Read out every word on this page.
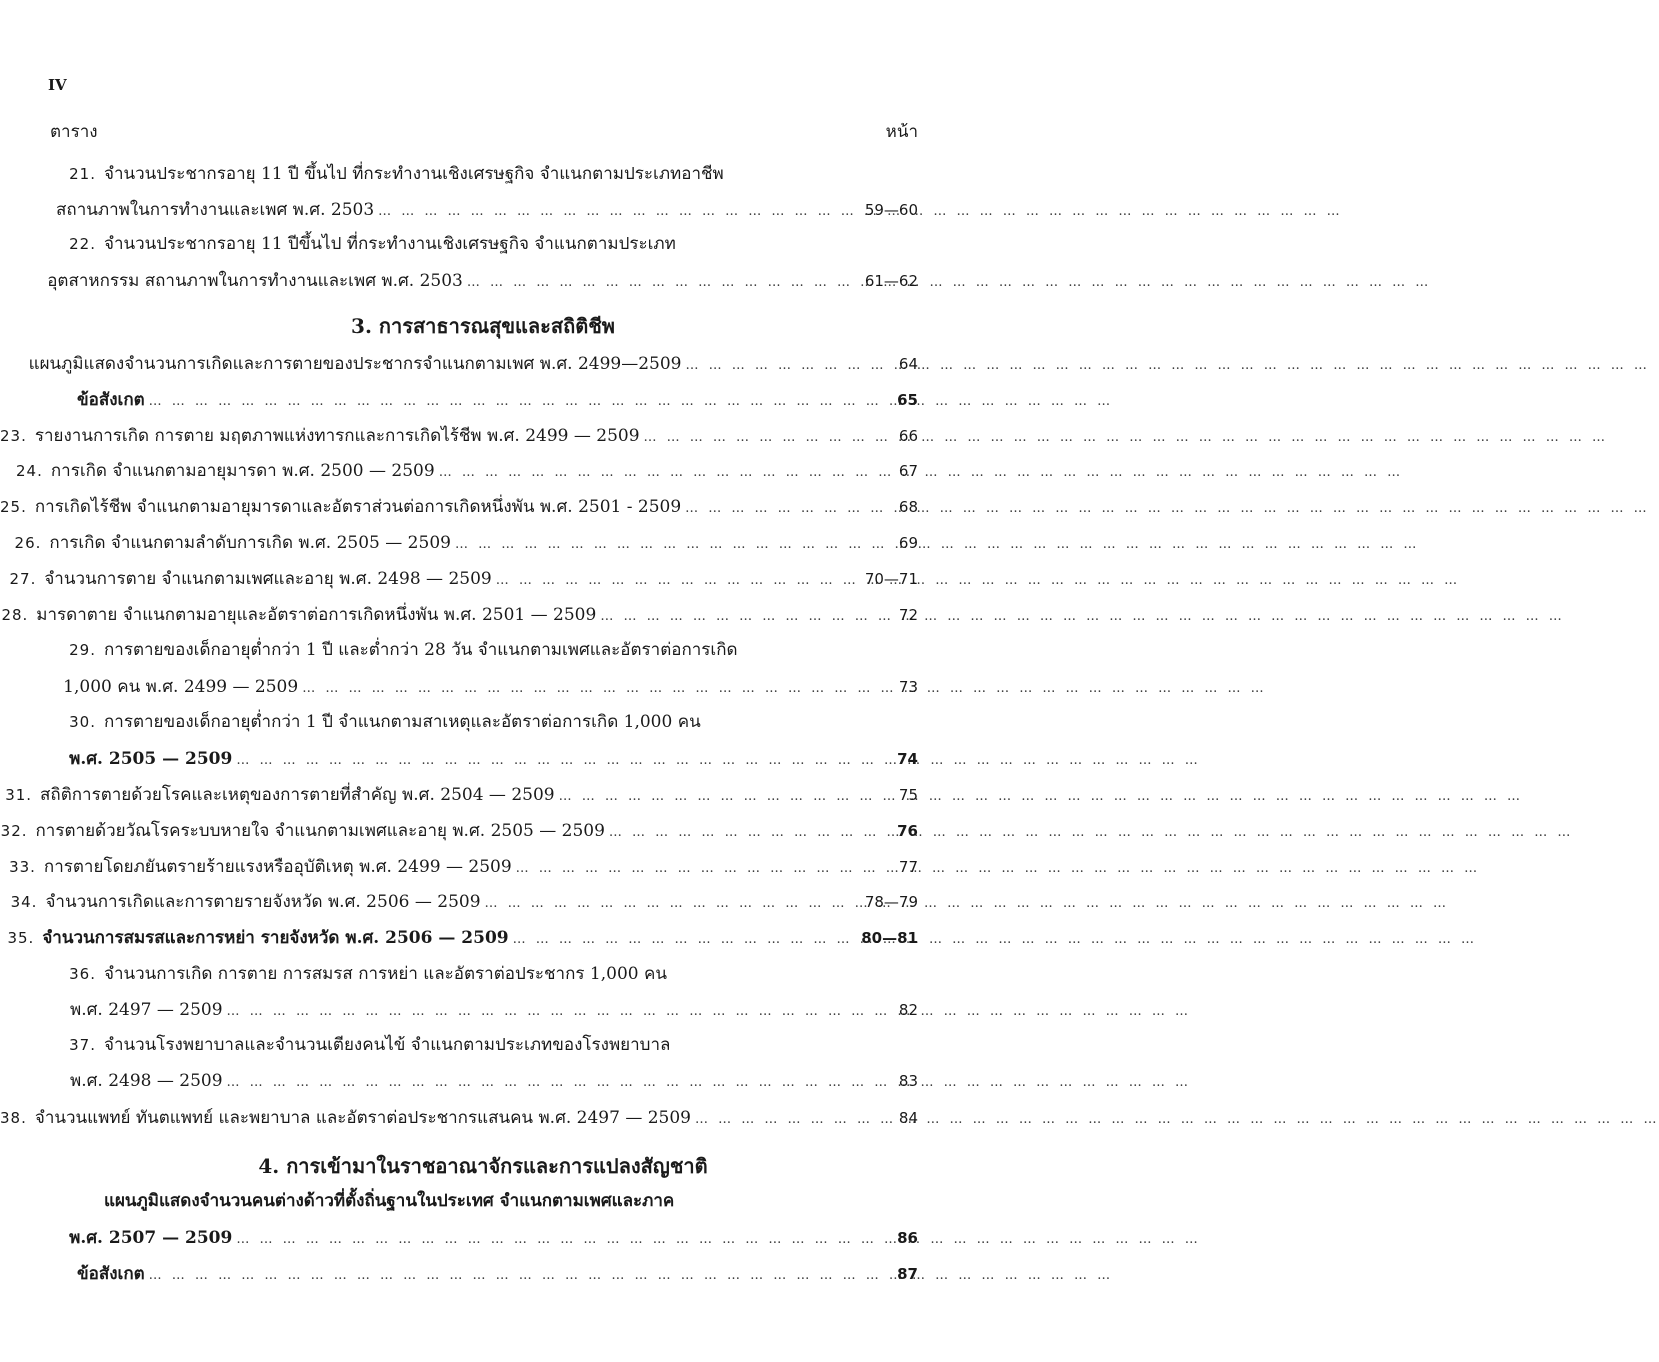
IV
ตาราง	หน้า
21. จำนวนประชากรอายุ 11 ปี ขึ้นไป ที่กระทำงานเชิงเศรษฐกิจ จำแนกตามประเภทอาชีพ
สถานภาพในการทำงานและเพศ พ.ศ. 2503 … … … … … … … … … … … … … … … … … … … … … … … … … … … … … … … … … … … … … … … … … …	59—60
22. จำนวนประชากรอายุ 11 ปีขึ้นไป ที่กระทำงานเชิงเศรษฐกิจ จำแนกตามประเภท
อุตสาหกรรม สถานภาพในการทำงานและเพศ พ.ศ. 2503 … … … … … … … … … … … … … … … … … … … … … … … … … … … … … … … … … … … … … … … … … …	61—62
3. การสาธารณสุขและสถิติชีพ
แผนภูมิแสดงจำนวนการเกิดและการตายของประชากรจำแนกตามเพศ พ.ศ. 2499—2509 … … … … … … … … … … … … … … … … … … … … … … … … … … … … … … … … … … … … … … … … … …	64
ข้อสังเกต … … … … … … … … … … … … … … … … … … … … … … … … … … … … … … … … … … … … … … … … … …	65
23. รายงานการเกิด การตาย มฤตภาพแห่งทารกและการเกิดไร้ชีพ พ.ศ. 2499 — 2509 … … … … … … … … … … … … … … … … … … … … … … … … … … … … … … … … … … … … … … … … … …	66
24. การเกิด จำแนกตามอายุมารดา พ.ศ. 2500 — 2509 … … … … … … … … … … … … … … … … … … … … … … … … … … … … … … … … … … … … … … … … … …	67
25. การเกิดไร้ชีพ จำแนกตามอายุมารดาและอัตราส่วนต่อการเกิดหนึ่งพัน พ.ศ. 2501 - 2509 … … … … … … … … … … … … … … … … … … … … … … … … … … … … … … … … … … … … … … … … … …	68
26. การเกิด จำแนกตามลำดับการเกิด พ.ศ. 2505 — 2509 … … … … … … … … … … … … … … … … … … … … … … … … … … … … … … … … … … … … … … … … … …	69
27. จำนวนการตาย จำแนกตามเพศและอายุ พ.ศ. 2498 — 2509 … … … … … … … … … … … … … … … … … … … … … … … … … … … … … … … … … … … … … … … … … …	70—71
28. มารดาตาย จำแนกตามอายุและอัตราต่อการเกิดหนึ่งพัน พ.ศ. 2501 — 2509 … … … … … … … … … … … … … … … … … … … … … … … … … … … … … … … … … … … … … … … … … …	72
29. การตายของเด็กอายุต่ำกว่า 1 ปี และต่ำกว่า 28 วัน จำแนกตามเพศและอัตราต่อการเกิด
1,000 คน พ.ศ. 2499 — 2509 … … … … … … … … … … … … … … … … … … … … … … … … … … … … … … … … … … … … … … … … … …	73
30. การตายของเด็กอายุต่ำกว่า 1 ปี จำแนกตามสาเหตุและอัตราต่อการเกิด 1,000 คน
พ.ศ. 2505 — 2509 … … … … … … … … … … … … … … … … … … … … … … … … … … … … … … … … … … … … … … … … … …	74
31. สถิติการตายด้วยโรคและเหตุของการตายที่สำคัญ พ.ศ. 2504 — 2509 … … … … … … … … … … … … … … … … … … … … … … … … … … … … … … … … … … … … … … … … … …	75
32. การตายด้วยวัณโรคระบบหายใจ จำแนกตามเพศและอายุ พ.ศ. 2505 — 2509 … … … … … … … … … … … … … … … … … … … … … … … … … … … … … … … … … … … … … … … … … …	76
33. การตายโดยภยันตรายร้ายแรงหรืออุบัติเหตุ พ.ศ. 2499 — 2509 … … … … … … … … … … … … … … … … … … … … … … … … … … … … … … … … … … … … … … … … … …	77
34. จำนวนการเกิดและการตายรายจังหวัด พ.ศ. 2506 — 2509 … … … … … … … … … … … … … … … … … … … … … … … … … … … … … … … … … … … … … … … … … …	78—79
35. จำนวนการสมรสและการหย่า รายจังหวัด พ.ศ. 2506 — 2509 … … … … … … … … … … … … … … … … … … … … … … … … … … … … … … … … … … … … … … … … … …	80—81
36. จำนวนการเกิด การตาย การสมรส การหย่า และอัตราต่อประชากร 1,000 คน
พ.ศ. 2497 — 2509 … … … … … … … … … … … … … … … … … … … … … … … … … … … … … … … … … … … … … … … … … …	82
37. จำนวนโรงพยาบาลและจำนวนเตียงคนไข้ จำแนกตามประเภทของโรงพยาบาล
พ.ศ. 2498 — 2509 … … … … … … … … … … … … … … … … … … … … … … … … … … … … … … … … … … … … … … … … … …	83
38. จำนวนแพทย์ ทันตแพทย์ และพยาบาล และอัตราต่อประชากรแสนคน พ.ศ. 2497 — 2509 … … … … … … … … … … … … … … … … … … … … … … … … … … … … … … … … … … … … … … … … … …	84
4. การเข้ามาในราชอาณาจักรและการแปลงสัญชาติ
แผนภูมิแสดงจำนวนคนต่างด้าวที่ตั้งถิ่นฐานในประเทศ จำแนกตามเพศและภาค
พ.ศ. 2507 — 2509 … … … … … … … … … … … … … … … … … … … … … … … … … … … … … … … … … … … … … … … … … …	86
ข้อสังเกต … … … … … … … … … … … … … … … … … … … … … … … … … … … … … … … … … … … … … … … … … …	87
